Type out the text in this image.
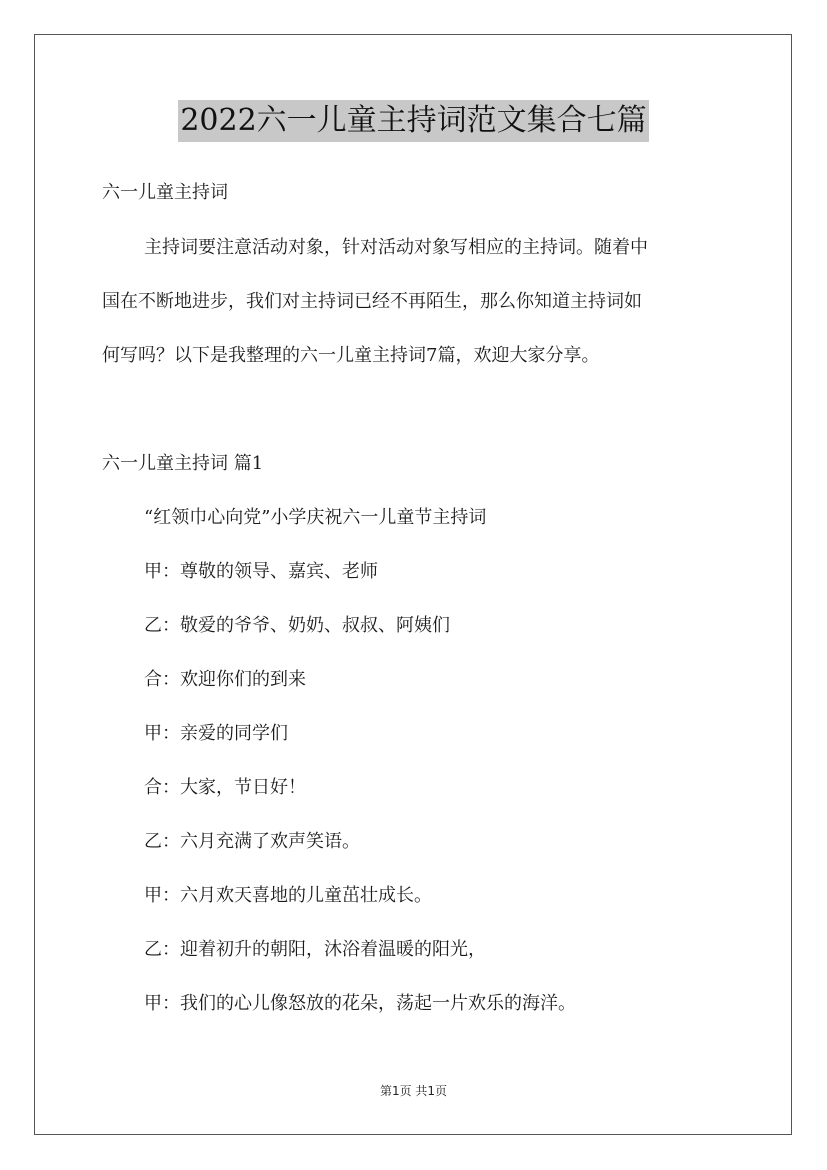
2022六一儿童主持词范文集合七篇
六一儿童主持词
主持词要注意活动对象，针对活动对象写相应的主持词。随着中
国在不断地进步，我们对主持词已经不再陌生，那么你知道主持词如
何写吗？以下是我整理的六一儿童主持词7篇，欢迎大家分享。
六一儿童主持词 篇1
“红领巾心向党”小学庆祝六一儿童节主持词
甲：尊敬的领导、嘉宾、老师
乙：敬爱的爷爷、奶奶、叔叔、阿姨们
合：欢迎你们的到来
甲：亲爱的同学们
合：大家，节日好！
乙：六月充满了欢声笑语。
甲：六月欢天喜地的儿童茁壮成长。
乙：迎着初升的朝阳，沐浴着温暖的阳光，
甲：我们的心儿像怒放的花朵，荡起一片欢乐的海洋。
第1页 共1页
